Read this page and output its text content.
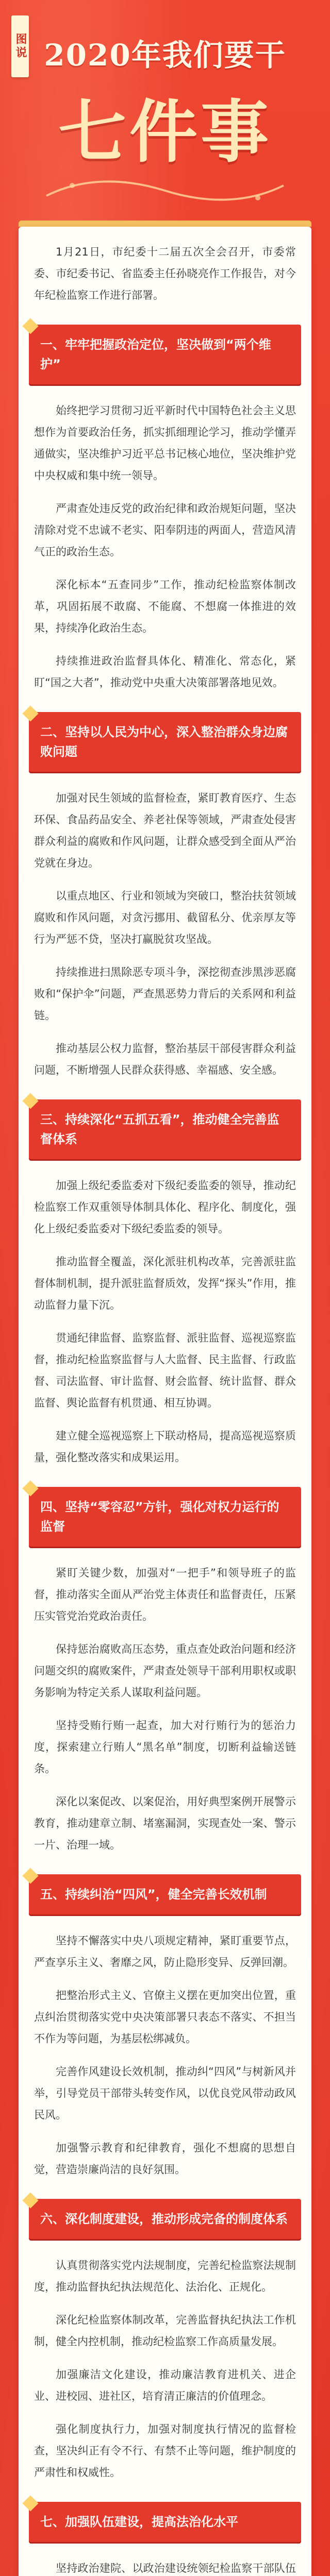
图说 2020年我们要干
七件事

1月21日，市纪委十二届五次全会召开，市委常委、市纪委书记、省监委主任孙晓亮作工作报告，对今年纪检监察工作进行部署。

一、牢牢把握政治定位，坚决做到“两个维护”

始终把学习贯彻习近平新时代中国特色社会主义思想作为首要政治任务，抓实抓细理论学习，推动学懂弄通做实，坚决维护习近平总书记核心地位，坚决维护党中央权威和集中统一领导。

严肃查处违反党的政治纪律和政治规矩问题，坚决清除对党不忠诚不老实、阳奉阴违的两面人，营造风清气正的政治生态。

深化标本“五查同步”工作，推动纪检监察体制改革，巩固拓展不敢腐、不能腐、不想腐一体推进的效果，持续净化政治生态。

持续推进政治监督具体化、精准化、常态化，紧盯“国之大者”，推动党中央重大决策部署落地见效。

二、坚持以人民为中心，深入整治群众身边腐败问题

加强对民生领域的监督检查，紧盯教育医疗、生态环保、食品药品安全、养老社保等领域，严肃查处侵害群众利益的腐败和作风问题，让群众感受到全面从严治党就在身边。

以重点地区、行业和领域为突破口，整治扶贫领域腐败和作风问题，对贪污挪用、截留私分、优亲厚友等行为严惩不贷，坚决打赢脱贫攻坚战。

持续推进扫黑除恶专项斗争，深挖彻查涉黑涉恶腐败和“保护伞”问题，严查黑恶势力背后的关系网和利益链。

推动基层公权力监督，整治基层干部侵害群众利益问题，不断增强人民群众获得感、幸福感、安全感。

三、持续深化“五抓五看”，推动健全完善监督体系

加强上级纪委监委对下级纪委监委的领导，推动纪检监察工作双重领导体制具体化、程序化、制度化，强化上级纪委监委对下级纪委监委的领导。

推动监督全覆盖，深化派驻机构改革，完善派驻监督体制机制，提升派驻监督质效，发挥“探头”作用，推动监督力量下沉。

贯通纪律监督、监察监督、派驻监督、巡视巡察监督，推动纪检监察监督与人大监督、民主监督、行政监督、司法监督、审计监督、财会监督、统计监督、群众监督、舆论监督有机贯通、相互协调。

建立健全巡视巡察上下联动格局，提高巡视巡察质量，强化整改落实和成果运用。

四、坚持“零容忍”方针，强化对权力运行的监督

紧盯关键少数，加强对“一把手”和领导班子的监督，推动落实全面从严治党主体责任和监督责任，压紧压实管党治党政治责任。

保持惩治腐败高压态势，重点查处政治问题和经济问题交织的腐败案件，严肃查处领导干部利用职权或职务影响为特定关系人谋取利益问题。

坚持受贿行贿一起查，加大对行贿行为的惩治力度，探索建立行贿人“黑名单”制度，切断利益输送链条。

深化以案促改、以案促治，用好典型案例开展警示教育，推动建章立制、堵塞漏洞，实现查处一案、警示一片、治理一域。

五、持续纠治“四风”，健全完善长效机制

坚持不懈落实中央八项规定精神，紧盯重要节点，严查享乐主义、奢靡之风，防止隐形变异、反弹回潮。

把整治形式主义、官僚主义摆在更加突出位置，重点纠治贯彻落实党中央决策部署只表态不落实、不担当不作为等问题，为基层松绑减负。

完善作风建设长效机制，推动纠“四风”与树新风并举，引导党员干部带头转变作风，以优良党风带动政风民风。

加强警示教育和纪律教育，强化不想腐的思想自觉，营造崇廉尚洁的良好氛围。

六、深化制度建设，推动形成完备的制度体系

认真贯彻落实党内法规制度，完善纪检监察法规制度，推动监督执纪执法规范化、法治化、正规化。

深化纪检监察体制改革，完善监督执纪执法工作机制，健全内控机制，推动纪检监察工作高质量发展。

加强廉洁文化建设，推动廉洁教育进机关、进企业、进校园、进社区，培育清正廉洁的价值理念。

强化制度执行力，加强对制度执行情况的监督检查，坚决纠正有令不行、有禁不止等问题，维护制度的严肃性和权威性。

七、加强队伍建设，提高法治化水平

坚持政治建院、以政治建设统领纪检监察干部队伍
